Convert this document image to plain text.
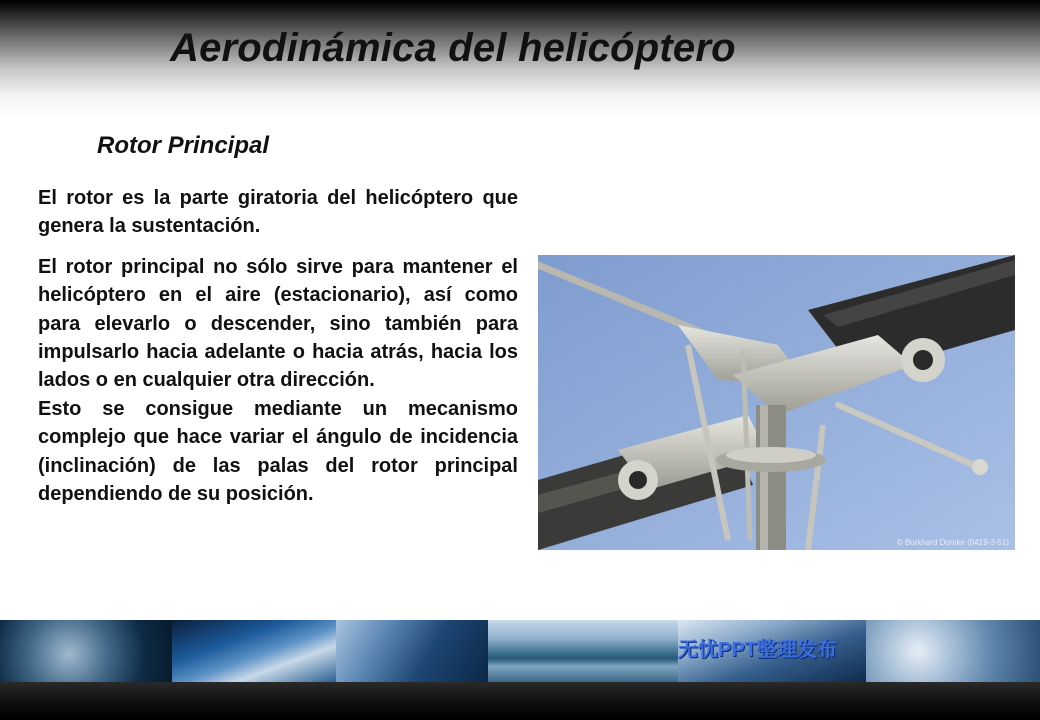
Aerodinámica del helicóptero
Rotor Principal

El rotor es la parte giratoria del helicóptero que genera la sustentación.

El rotor principal no sólo sirve para mantener el helicóptero en el aire (estacionario), así como para elevarlo o descender, sino también para impulsarlo hacia adelante o hacia atrás, hacia los lados o en cualquier otra dirección.

Esto se consigue mediante un mecanismo complejo que hace variar el ángulo de incidencia (inclinación) de las palas del rotor principal dependiendo de su posición.

© Burkhard Domke (0419-3-51)
无忧PPT整理发布
